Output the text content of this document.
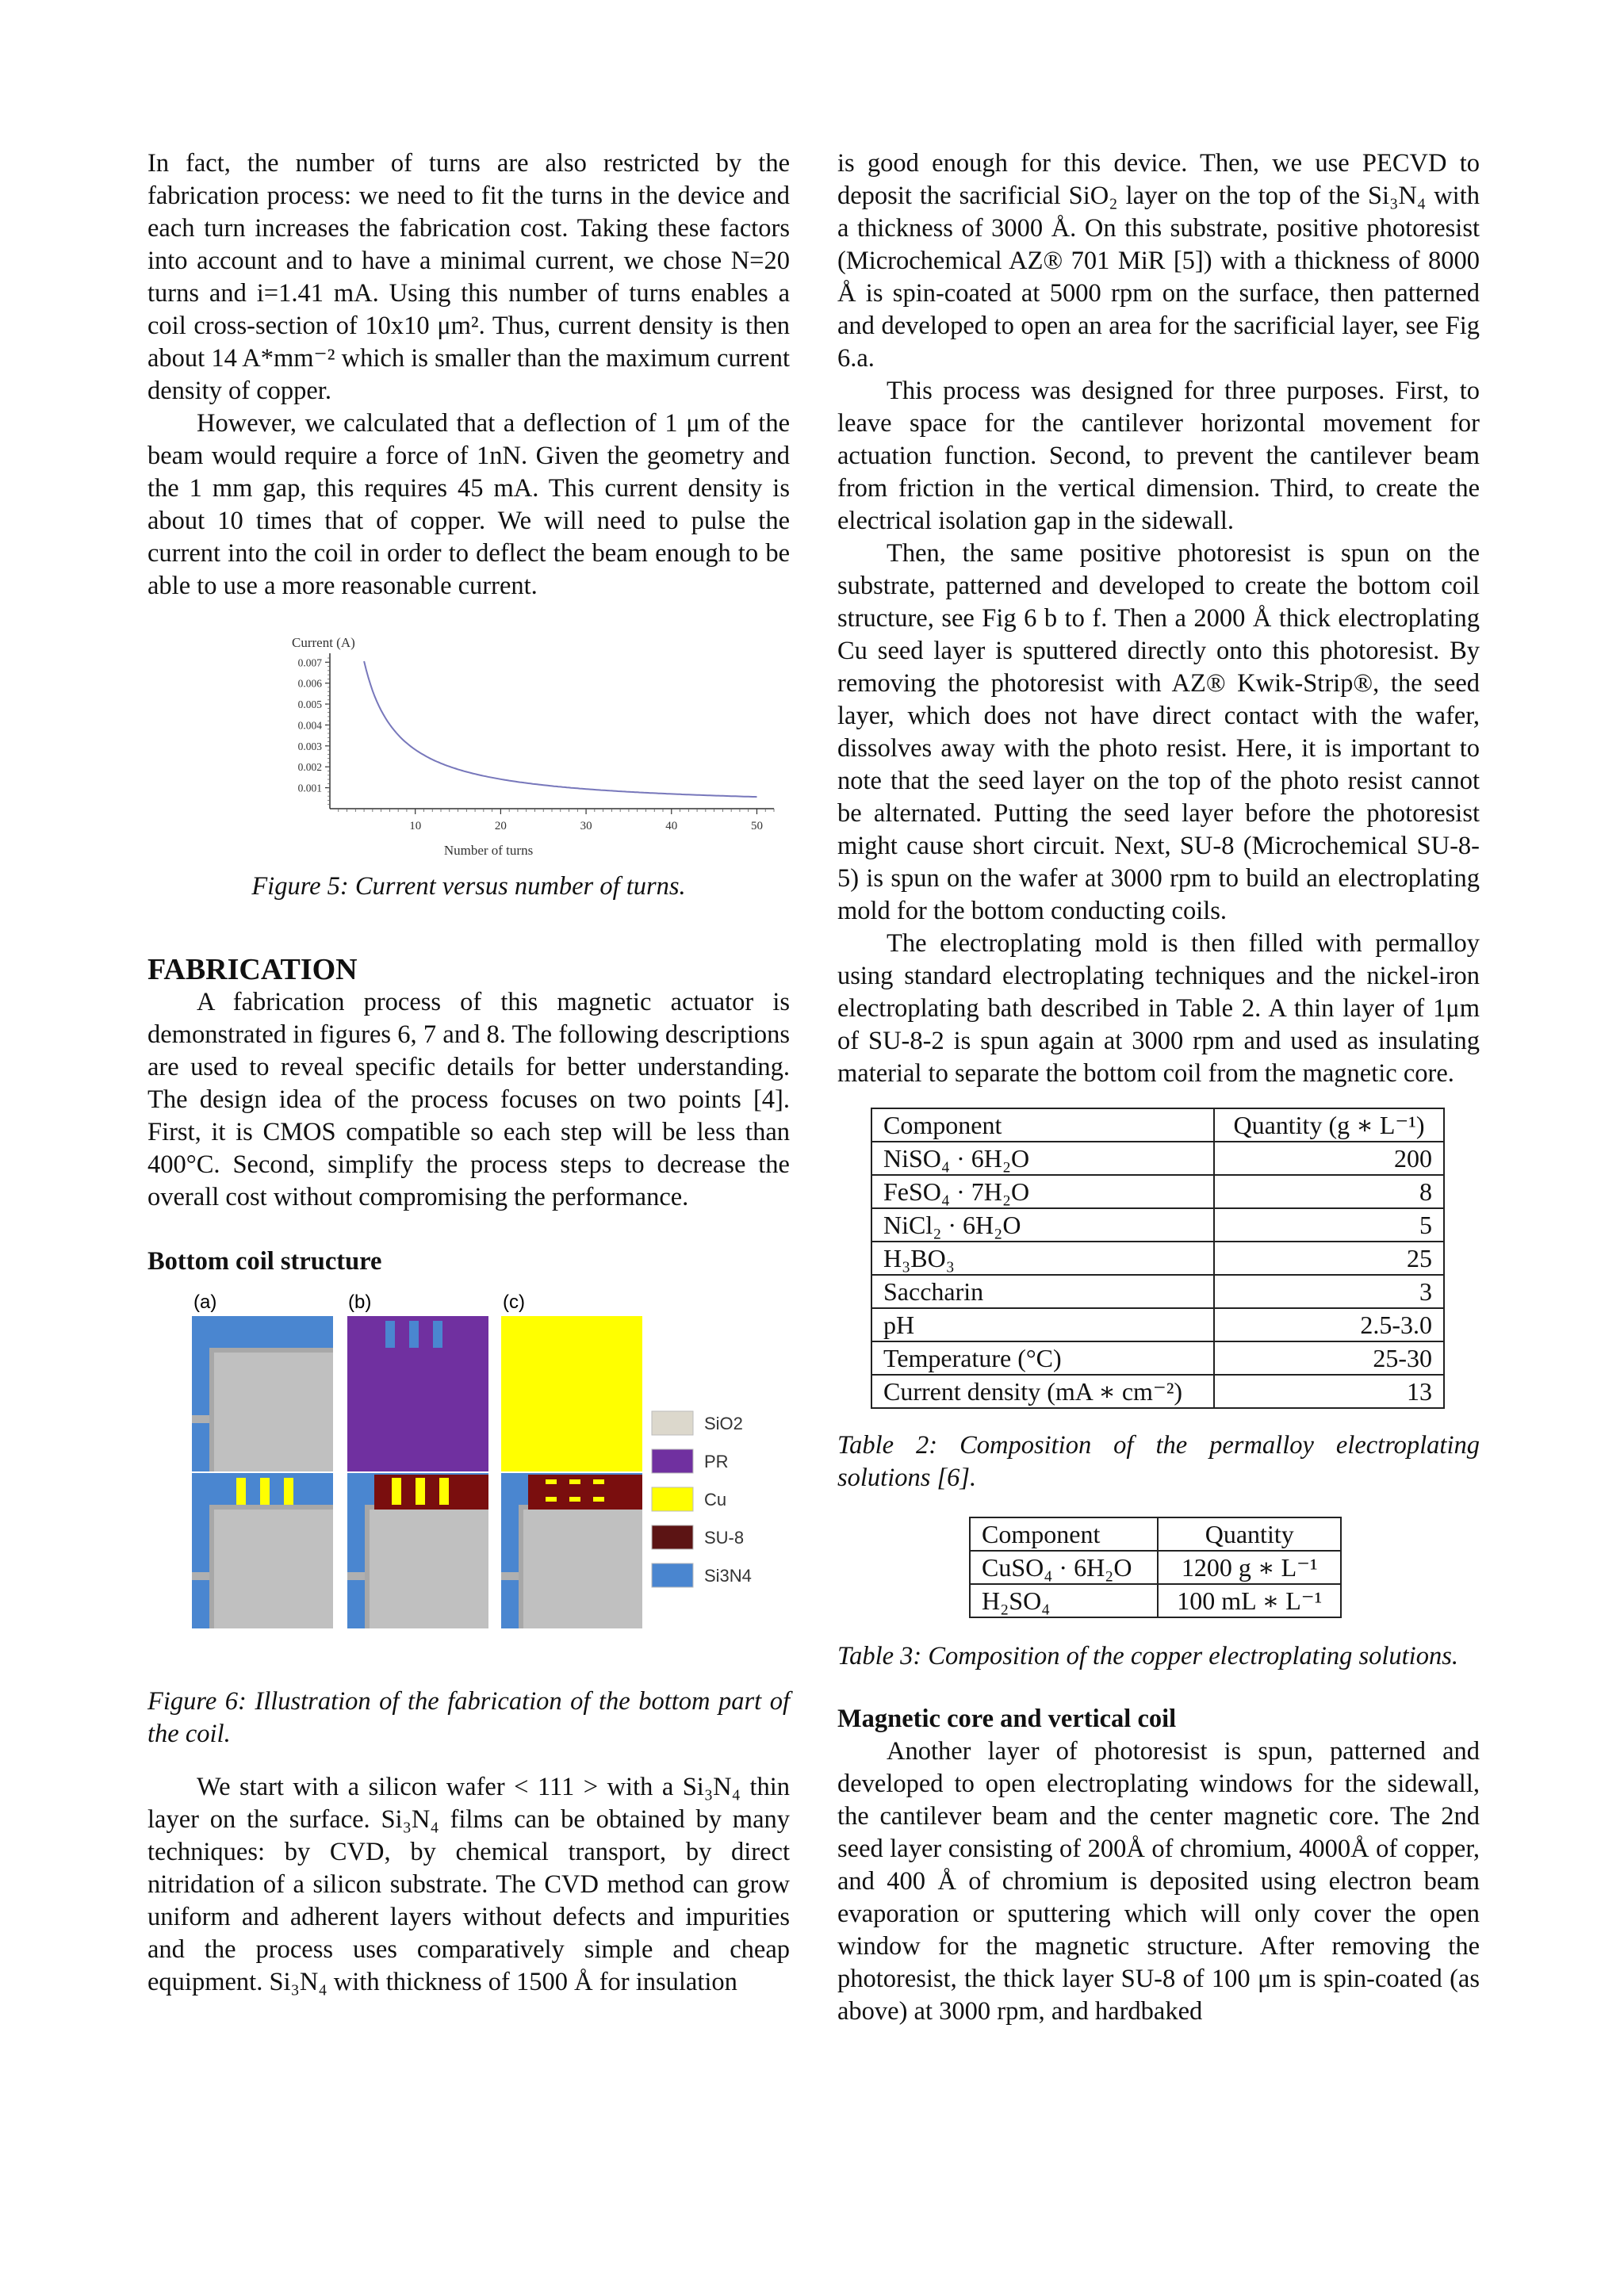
In fact, the number of turns are also restricted by the fabrication process: we need to fit the turns in the device and each turn increases the fabrication cost. Taking these factors into account and to have a minimal current, we chose N=20 turns and i=1.41 mA. Using this number of turns enables a coil cross-section of 10x10 μm². Thus, current density is then about 14 A*mm⁻² which is smaller than the maximum current density of copper.

However, we calculated that a deflection of 1 μm of the beam would require a force of 1nN. Given the geometry and the 1 mm gap, this requires 45 mA. This current density is about 10 times that of copper. We will need to pulse the current into the coil in order to deflect the beam enough to be able to use a more reasonable current.

10	20	30	40	50
0.001
0.002
0.003
0.004
0.005
0.006
0.007
Current (A)
Number of turns

Figure 5: Current versus number of turns.

FABRICATION

A fabrication process of this magnetic actuator is demonstrated in figures 6, 7 and 8. The following descriptions are used to reveal specific details for better understanding. The design idea of the process focuses on two points [4]. First, it is CMOS compatible so each step will be less than 400°C. Second, simplify the process steps to decrease the overall cost without compromising the performance.

Bottom coil structure

(a)	(b)	(c)
SiO2
PR
Cu
SU-8
Si3N4

Figure 6: Illustration of the fabrication of the bottom part of the coil.

We start with a silicon wafer < 111 > with a Si₃N₄ thin layer on the surface. Si₃N₄ films can be obtained by many techniques: by CVD, by chemical transport, by direct nitridation of a silicon substrate. The CVD method can grow uniform and adherent layers without defects and impurities and the process uses comparatively simple and cheap equipment. Si₃N₄ with thickness of 1500 Å for insulation

is good enough for this device. Then, we use PECVD to deposit the sacrificial SiO₂ layer on the top of the Si₃N₄ with a thickness of 3000 Å. On this substrate, positive photoresist (Microchemical AZ® 701 MiR [5]) with a thickness of 8000 Å is spin-coated at 5000 rpm on the surface, then patterned and developed to open an area for the sacrificial layer, see Fig 6.a.

This process was designed for three purposes. First, to leave space for the cantilever horizontal movement for actuation function. Second, to prevent the cantilever beam from friction in the vertical dimension. Third, to create the electrical isolation gap in the sidewall.

Then, the same positive photoresist is spun on the substrate, patterned and developed to create the bottom coil structure, see Fig 6 b to f. Then a 2000 Å thick electroplating Cu seed layer is sputtered directly onto this photoresist. By removing the photoresist with AZ® Kwik-Strip®, the seed layer, which does not have direct contact with the wafer, dissolves away with the photo resist. Here, it is important to note that the seed layer on the top of the photo resist cannot be alternated. Putting the seed layer before the photoresist might cause short circuit. Next, SU-8 (Microchemical SU-8-5) is spun on the wafer at 3000 rpm to build an electroplating mold for the bottom conducting coils.

The electroplating mold is then filled with permalloy using standard electroplating techniques and the nickel-iron electroplating bath described in Table 2. A thin layer of 1μm of SU-8-2 is spun again at 3000 rpm and used as insulating material to separate the bottom coil from the magnetic core.

Component	Quantity (g ∗ L⁻¹)
NiSO₄ · 6H₂O	200
FeSO₄ · 7H₂O	8
NiCl₂ · 6H₂O	5
H₃BO₃	25
Saccharin	3
pH	2.5-3.0
Temperature (°C)	25-30
Current density (mA ∗ cm⁻²)	13

Table 2: Composition of the permalloy electroplating solutions [6].

Component	Quantity
CuSO₄ · 6H₂O	1200 g ∗ L⁻¹
H₂SO₄	100 mL ∗ L⁻¹

Table 3: Composition of the copper electroplating solutions.

Magnetic core and vertical coil

Another layer of photoresist is spun, patterned and developed to open electroplating windows for the sidewall, the cantilever beam and the center magnetic core. The 2nd seed layer consisting of 200Å of chromium, 4000Å of copper, and 400 Å of chromium is deposited using electron beam evaporation or sputtering which will only cover the open window for the magnetic structure. After removing the photoresist, the thick layer SU-8 of 100 μm is spin-coated (as above) at 3000 rpm, and hardbaked
